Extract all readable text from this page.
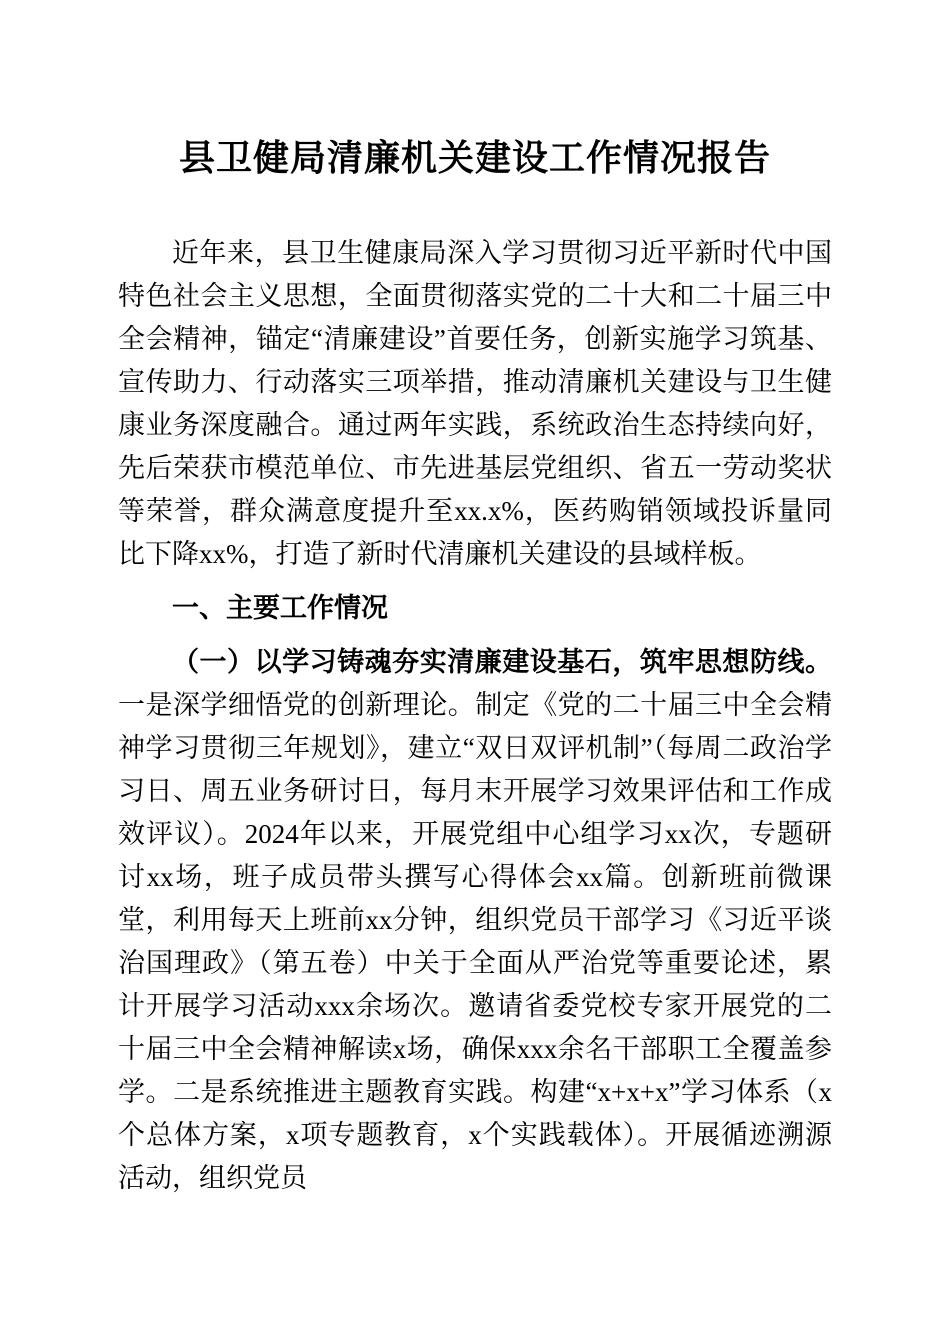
县卫健局清廉机关建设工作情况报告

近年来，县卫生健康局深入学习贯彻习近平新时代中国特色社会主义思想，全面贯彻落实党的二十大和二十届三中全会精神，锚定“清廉建设”首要任务，创新实施学习筑基、宣传助力、行动落实三项举措，推动清廉机关建设与卫生健康业务深度融合。通过两年实践，系统政治生态持续向好，先后荣获市模范单位、市先进基层党组织、省五一劳动奖状等荣誉，群众满意度提升至xx.x%，医药购销领域投诉量同比下降xx%，打造了新时代清廉机关建设的县域样板。

一、主要工作情况

（一）以学习铸魂夯实清廉建设基石，筑牢思想防线。一是深学细悟党的创新理论。制定《党的二十届三中全会精神学习贯彻三年规划》，建立“双日双评机制”（每周二政治学习日、周五业务研讨日，每月末开展学习效果评估和工作成效评议）。2024年以来，开展党组中心组学习xx次，专题研讨xx场，班子成员带头撰写心得体会xx篇。创新班前微课堂，利用每天上班前xx分钟，组织党员干部学习《习近平谈治国理政》（第五卷）中关于全面从严治党等重要论述，累计开展学习活动xxx余场次。邀请省委党校专家开展党的二十届三中全会精神解读x场，确保xxx余名干部职工全覆盖参学。二是系统推进主题教育实践。构建“x+x+x”学习体系（x个总体方案，x项专题教育，x个实践载体）。开展循迹溯源活动，组织党员
